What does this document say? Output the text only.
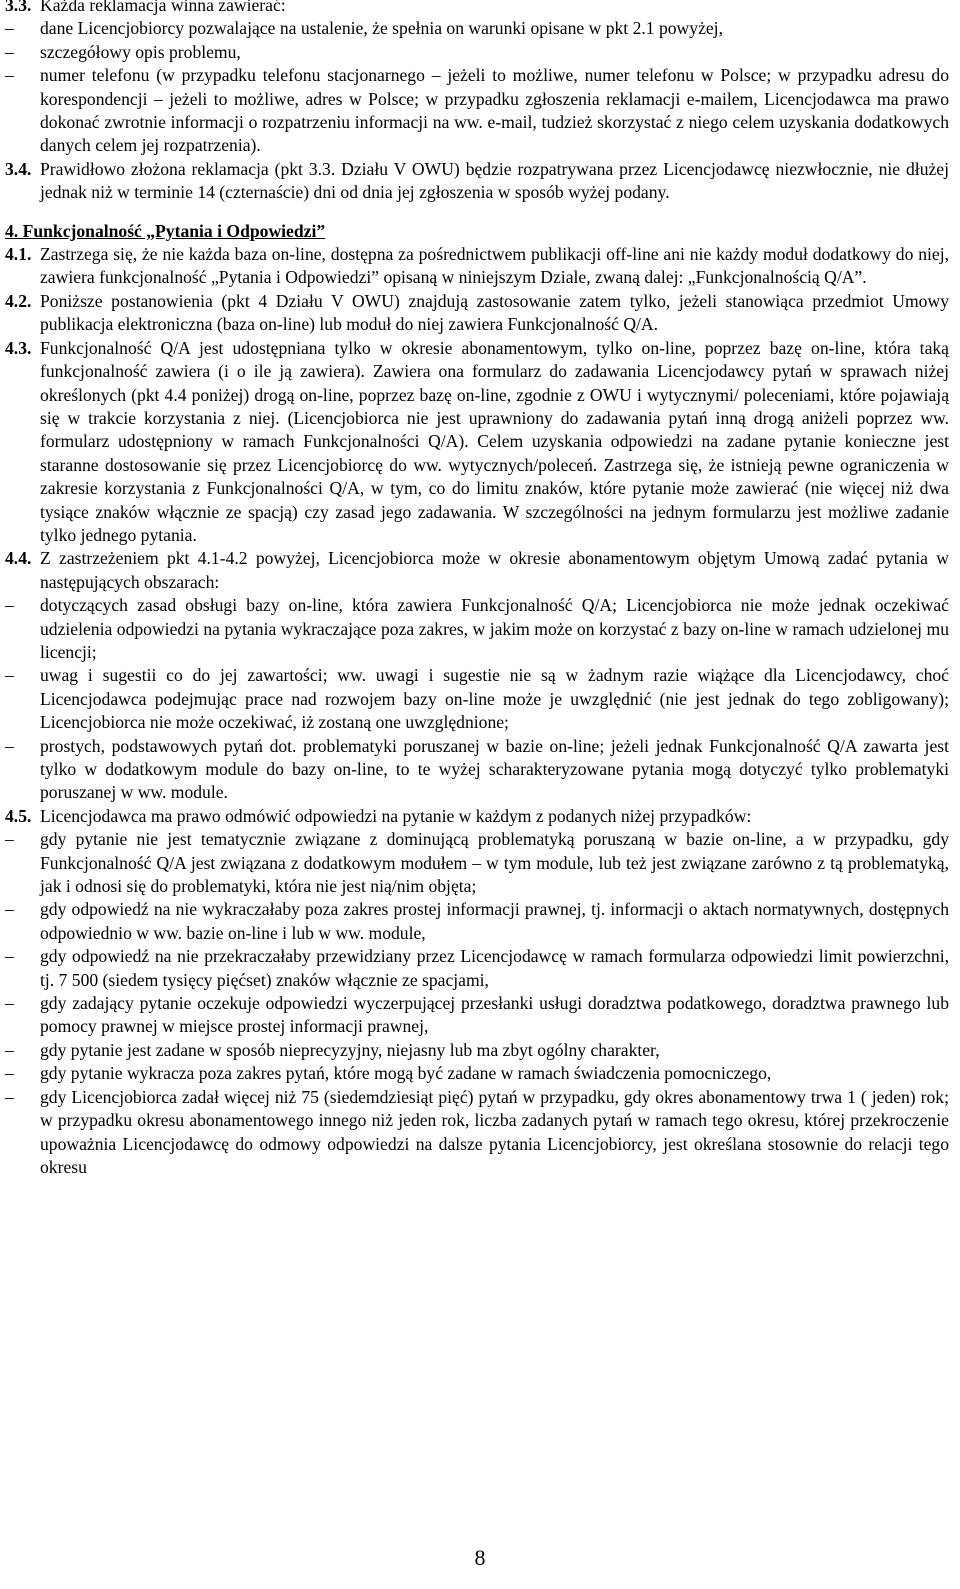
3.3. Każda reklamacja winna zawierać:
–	dane Licencjobiorcy pozwalające na ustalenie, że spełnia on warunki opisane w pkt 2.1 powyżej,
–	szczegółowy opis problemu,
–	numer telefonu (w przypadku telefonu stacjonarnego – jeżeli to możliwe, numer telefonu w Polsce; w przypadku adresu do korespondencji – jeżeli to możliwe, adres w Polsce; w przypadku zgłoszenia reklamacji e-mailem, Licencjodawca ma prawo dokonać zwrotnie informacji o rozpatrzeniu informacji na ww. e-mail, tudzież skorzystać z niego celem uzyskania dodatkowych danych celem jej rozpatrzenia).
3.4. Prawidłowo złożona reklamacja (pkt 3.3. Działu V OWU) będzie rozpatrywana przez Licencjodawcę niezwłocznie, nie dłużej jednak niż w terminie 14 (czternaście) dni od dnia jej zgłoszenia w sposób wyżej podany.
4. Funkcjonalność „Pytania i Odpowiedzi”
4.1. Zastrzega się, że nie każda baza on-line, dostępna za pośrednictwem publikacji off-line ani nie każdy moduł dodatkowy do niej, zawiera funkcjonalność „Pytania i Odpowiedzi” opisaną w niniejszym Dziale, zwaną dalej: „Funkcjonalnością Q/A”.
4.2. Poniższe postanowienia (pkt 4 Działu V OWU) znajdują zastosowanie zatem tylko, jeżeli stanowiąca przedmiot Umowy publikacja elektroniczna (baza on-line) lub moduł do niej zawiera Funkcjonalność Q/A.
4.3. Funkcjonalność Q/A jest udostępniana tylko w okresie abonamentowym, tylko on-line, poprzez bazę on-line, która taką funkcjonalność zawiera (i o ile ją zawiera). Zawiera ona formularz do zadawania Licencjodawcy pytań w sprawach niżej określonych (pkt 4.4 poniżej) drogą on-line, poprzez bazę on-line, zgodnie z OWU i wytycznymi/ poleceniami, które pojawiają się w trakcie korzystania z niej. (Licencjobiorca nie jest uprawniony do zadawania pytań inną drogą aniżeli poprzez ww. formularz udostępniony w ramach Funkcjonalności Q/A). Celem uzyskania odpowiedzi na zadane pytanie konieczne jest staranne dostosowanie się przez Licencjobiorcę do ww. wytycznych/poleceń. Zastrzega się, że istnieją pewne ograniczenia w zakresie korzystania z Funkcjonalności Q/A, w tym, co do limitu znaków, które pytanie może zawierać (nie więcej niż dwa tysiące znaków włącznie ze spacją) czy zasad jego zadawania. W szczególności na jednym formularzu jest możliwe zadanie tylko jednego pytania.
4.4. Z zastrzeżeniem pkt 4.1-4.2 powyżej, Licencjobiorca może w okresie abonamentowym objętym Umową zadać pytania w następujących obszarach:
–	dotyczących zasad obsługi bazy on-line, która zawiera Funkcjonalność Q/A; Licencjobiorca nie może jednak oczekiwać udzielenia odpowiedzi na pytania wykraczające poza zakres, w jakim może on korzystać z bazy on-line w ramach udzielonej mu licencji;
–	uwag i sugestii co do jej zawartości; ww. uwagi i sugestie nie są w żadnym razie wiążące dla Licencjodawcy, choć Licencjodawca podejmując prace nad rozwojem bazy on-line może je uwzględnić (nie jest jednak do tego zobligowany); Licencjobiorca nie może oczekiwać, iż zostaną one uwzględnione;
–	prostych, podstawowych pytań dot. problematyki poruszanej w bazie on-line; jeżeli jednak Funkcjonalność Q/A zawarta jest tylko w dodatkowym module do bazy on-line, to te wyżej scharakteryzowane pytania mogą dotyczyć tylko problematyki poruszanej w ww. module.
4.5. Licencjodawca ma prawo odmówić odpowiedzi na pytanie w każdym z podanych niżej przypadków:
–	gdy pytanie nie jest tematycznie związane z dominującą problematyką poruszaną w bazie on-line, a w przypadku, gdy Funkcjonalność Q/A jest związana z dodatkowym modułem – w tym module, lub też jest związane zarówno z tą problematyką, jak i odnosi się do problematyki, która nie jest nią/nim objęta;
–	gdy odpowiedź na nie wykraczałaby poza zakres prostej informacji prawnej, tj. informacji o aktach normatywnych, dostępnych odpowiednio w ww. bazie on-line i lub w ww. module,
–	gdy odpowiedź na nie przekraczałaby przewidziany przez Licencjodawcę w ramach formularza odpowiedzi limit powierzchni, tj. 7 500 (siedem tysięcy pięćset) znaków włącznie ze spacjami,
–	gdy zadający pytanie oczekuje odpowiedzi wyczerpującej przesłanki usługi doradztwa podatkowego, doradztwa prawnego lub pomocy prawnej w miejsce prostej informacji prawnej,
–	gdy pytanie jest zadane w sposób nieprecyzyjny, niejasny lub ma zbyt ogólny charakter,
–	gdy pytanie wykracza poza zakres pytań, które mogą być zadane w ramach świadczenia pomocniczego,
–	gdy Licencjobiorca zadał więcej niż 75 (siedemdziesiąt pięć) pytań w przypadku, gdy okres abonamentowy trwa 1 ( jeden) rok; w przypadku okresu abonamentowego innego niż jeden rok, liczba zadanych pytań w ramach tego okresu, której przekroczenie upoważnia Licencjodawcę do odmowy odpowiedzi na dalsze pytania Licencjobiorcy, jest określana stosownie do relacji tego okresu
8
